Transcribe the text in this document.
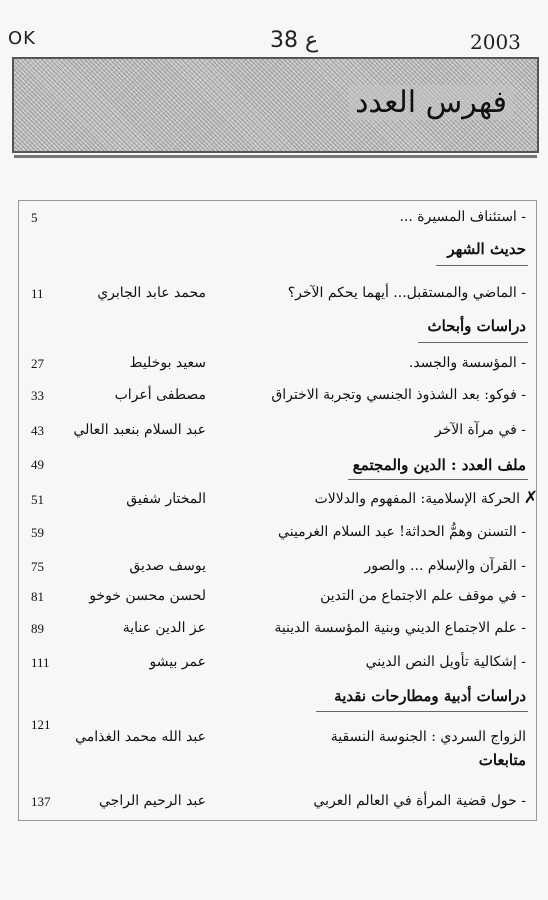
OK	ع 38	2003
فهرس العدد
- استئناف المسيرة ...
5
حديث الشهر
- الماضي والمستقبل... أيهما يحكم الآخر؟
محمد عابد الجابري
11
دراسات وأبحاث
- المؤسسة والجسد.
سعيد بوخليط
27
- فوكو: بعد الشذوذ الجنسي وتجربة الاختراق
مصطفى أعراب
33
- في مرآة الآخر
عبد السلام بنعبد العالي
43
ملف العدد : الدين والمجتمع
49
✗
الحركة الإسلامية: المفهوم والدلالات
المختار شفيق
51
- التسنن وهمُّ الحداثة! عبد السلام الغرميني
59
- القرآن والإسلام ... والصور
يوسف صديق
75
- في موقف علم الاجتماع من التدين
لحسن محسن خوخو
81
- علم الاجتماع الديني وبنية المؤسسة الدينية
عز الدين عناية
89
- إشكالية تأويل النص الديني
عمر بيشو
111
دراسات أدبية ومطارحات نقدية
121
الزواج السردي : الجنوسة النسقية
عبد الله محمد الغذامي
متابعات
- حول قضية المرأة في العالم العربي
عبد الرحيم الراجي
137
